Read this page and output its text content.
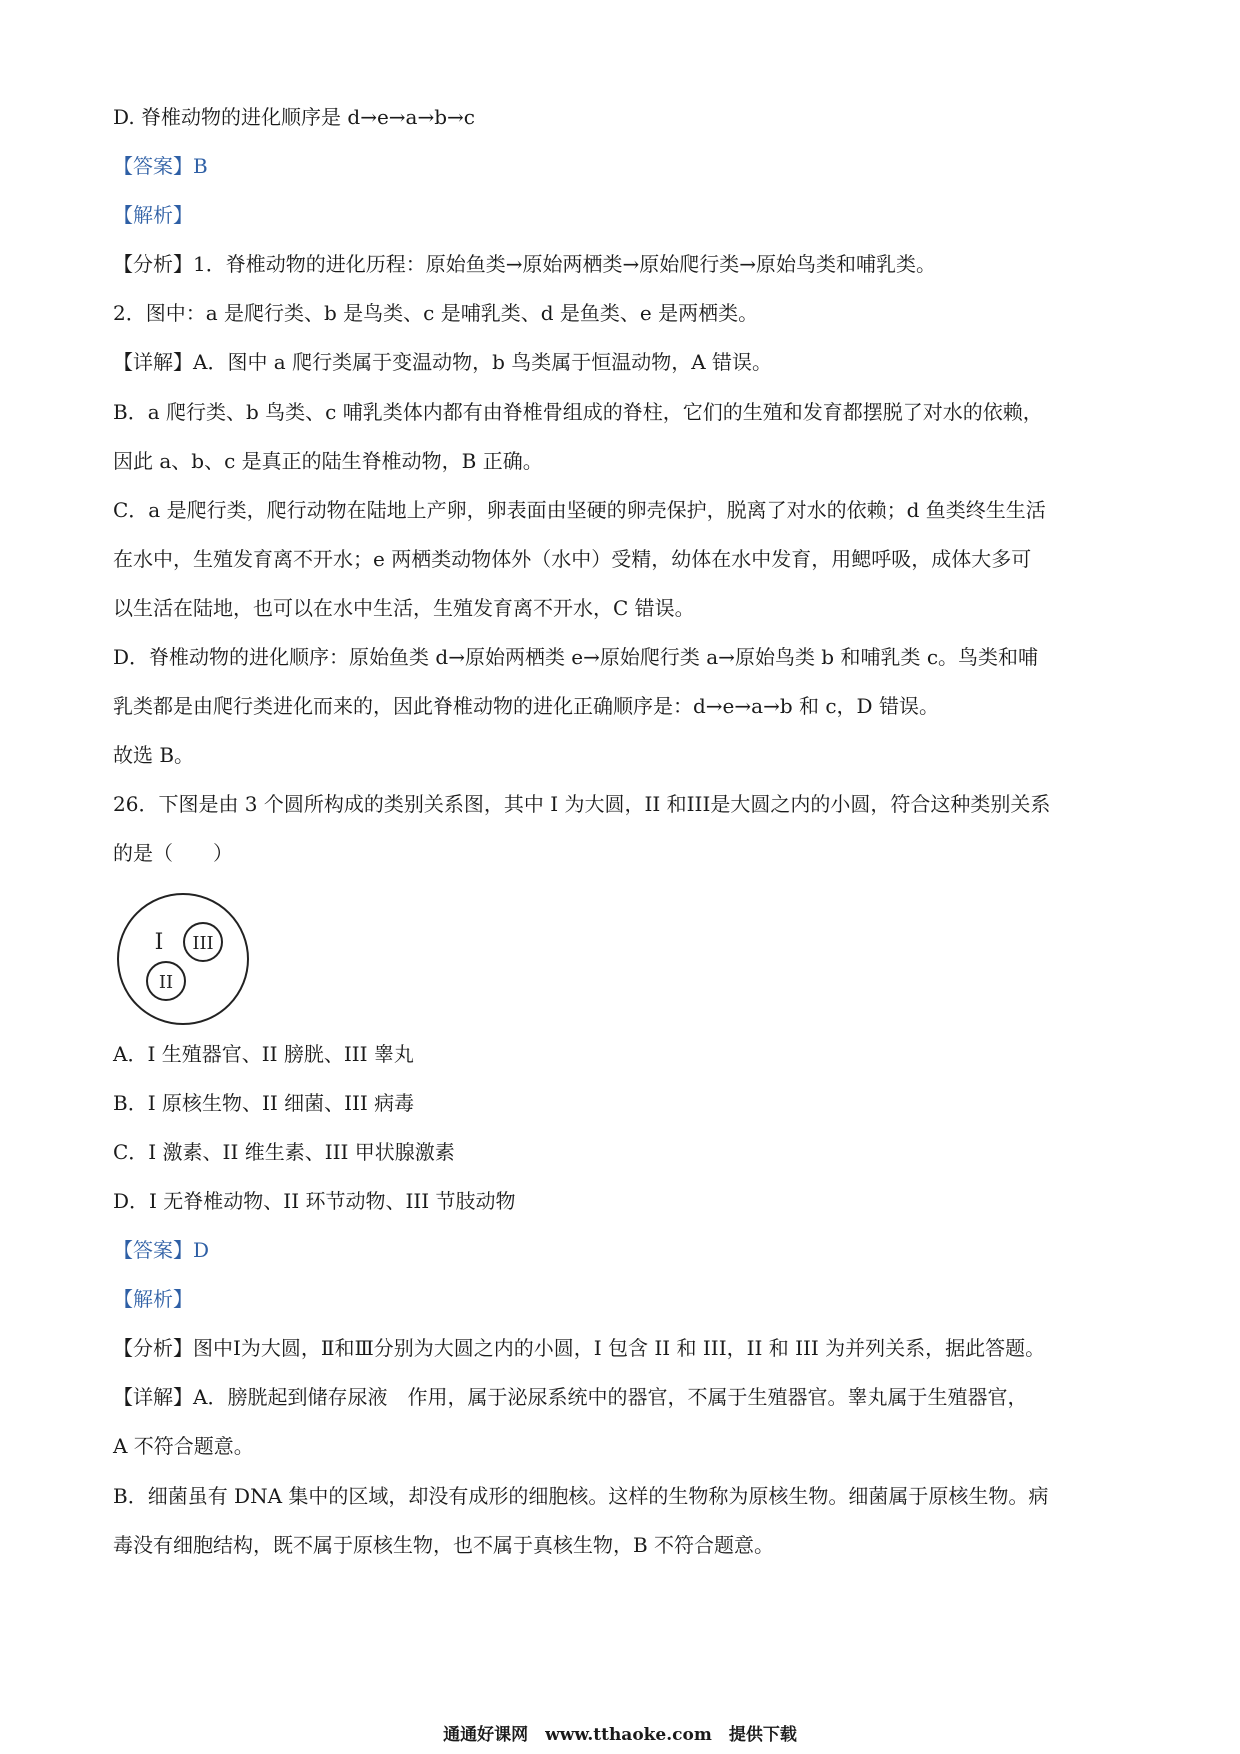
D. 脊椎动物的进化顺序是 d→e→a→b→c

【答案】B

【解析】

【分析】1．脊椎动物的进化历程：原始鱼类→原始两栖类→原始爬行类→原始鸟类和哺乳类。

2．图中：a 是爬行类、b 是鸟类、c 是哺乳类、d 是鱼类、e 是两栖类。

【详解】A．图中 a 爬行类属于变温动物，b 鸟类属于恒温动物，A 错误。

B．a 爬行类、b 鸟类、c 哺乳类体内都有由脊椎骨组成的脊柱，它们的生殖和发育都摆脱了对水的依赖，

因此 a、b、c 是真正的陆生脊椎动物，B 正确。

C．a 是爬行类，爬行动物在陆地上产卵，卵表面由坚硬的卵壳保护，脱离了对水的依赖；d 鱼类终生生活

在水中，生殖发育离不开水；e 两栖类动物体外（水中）受精，幼体在水中发育，用鳃呼吸，成体大多可

以生活在陆地，也可以在水中生活，生殖发育离不开水，C 错误。

D．脊椎动物的进化顺序：原始鱼类 d→原始两栖类 e→原始爬行类 a→原始鸟类 b 和哺乳类 c。鸟类和哺

乳类都是由爬行类进化而来的，因此脊椎动物的进化正确顺序是：d→e→a→b 和 c，D 错误。

故选 B。

26．下图是由 3 个圆所构成的类别关系图，其中 I 为大圆，II 和III是大圆之内的小圆，符合这种类别关系

的是（　　）

I III
II

A．I 生殖器官、II 膀胱、III 睾丸

B．I 原核生物、II 细菌、III 病毒

C．I 激素、II 维生素、III 甲状腺激素

D．I 无脊椎动物、II 环节动物、III 节肢动物

【答案】D

【解析】

【分析】图中Ⅰ为大圆，Ⅱ和Ⅲ分别为大圆之内的小圆，I 包含 II 和 III，II 和 III 为并列关系，据此答题。

【详解】A．膀胱起到储存尿液　作用，属于泌尿系统中的器官，不属于生殖器官。睾丸属于生殖器官，

A 不符合题意。

B．细菌虽有 DNA 集中的区域，却没有成形的细胞核。这样的生物称为原核生物。细菌属于原核生物。病

毒没有细胞结构，既不属于原核生物，也不属于真核生物，B 不符合题意。

通通好课网　www.tthaoke.com　提供下载
